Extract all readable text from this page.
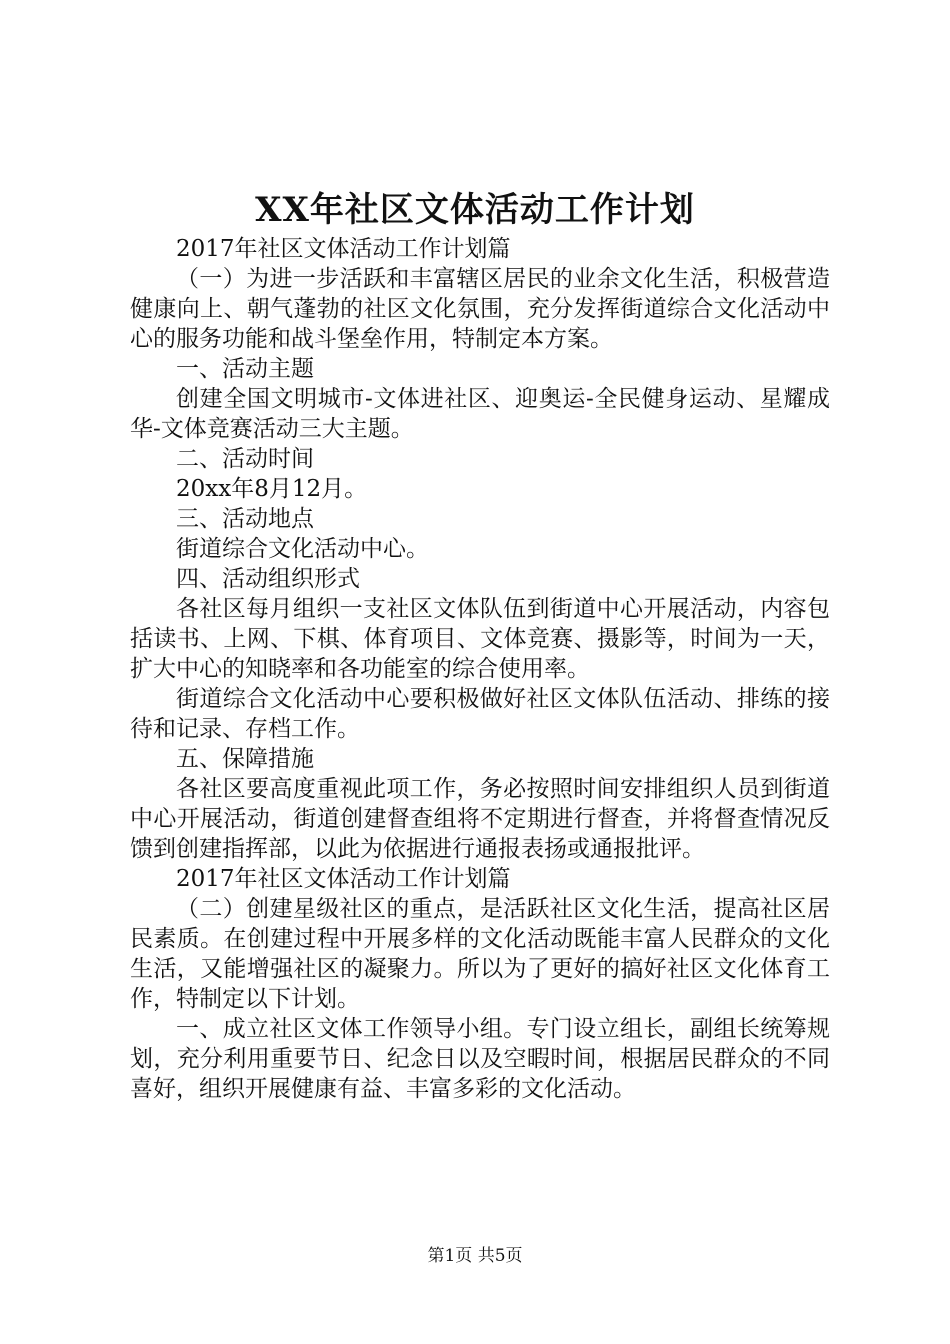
XX年社区文体活动工作计划

2017年社区文体活动工作计划篇

（一）为进一步活跃和丰富辖区居民的业余文化生活，积极营造健康向上、朝气蓬勃的社区文化氛围，充分发挥街道综合文化活动中心的服务功能和战斗堡垒作用，特制定本方案。

一、活动主题

创建全国文明城市-文体进社区、迎奥运-全民健身运动、星耀成华-文体竞赛活动三大主题。

二、活动时间

20xx年8月12月。

三、活动地点

街道综合文化活动中心。

四、活动组织形式

各社区每月组织一支社区文体队伍到街道中心开展活动，内容包括读书、上网、下棋、体育项目、文体竞赛、摄影等，时间为一天，扩大中心的知晓率和各功能室的综合使用率。

街道综合文化活动中心要积极做好社区文体队伍活动、排练的接待和记录、存档工作。

五、保障措施

各社区要高度重视此项工作，务必按照时间安排组织人员到街道中心开展活动，街道创建督查组将不定期进行督查，并将督查情况反馈到创建指挥部，以此为依据进行通报表扬或通报批评。

2017年社区文体活动工作计划篇

（二）创建星级社区的重点，是活跃社区文化生活，提高社区居民素质。在创建过程中开展多样的文化活动既能丰富人民群众的文化生活，又能增强社区的凝聚力。所以为了更好的搞好社区文化体育工作，特制定以下计划。

一、成立社区文体工作领导小组。专门设立组长，副组长统筹规划，充分利用重要节日、纪念日以及空暇时间，根据居民群众的不同喜好，组织开展健康有益、丰富多彩的文化活动。

第1页 共5页
